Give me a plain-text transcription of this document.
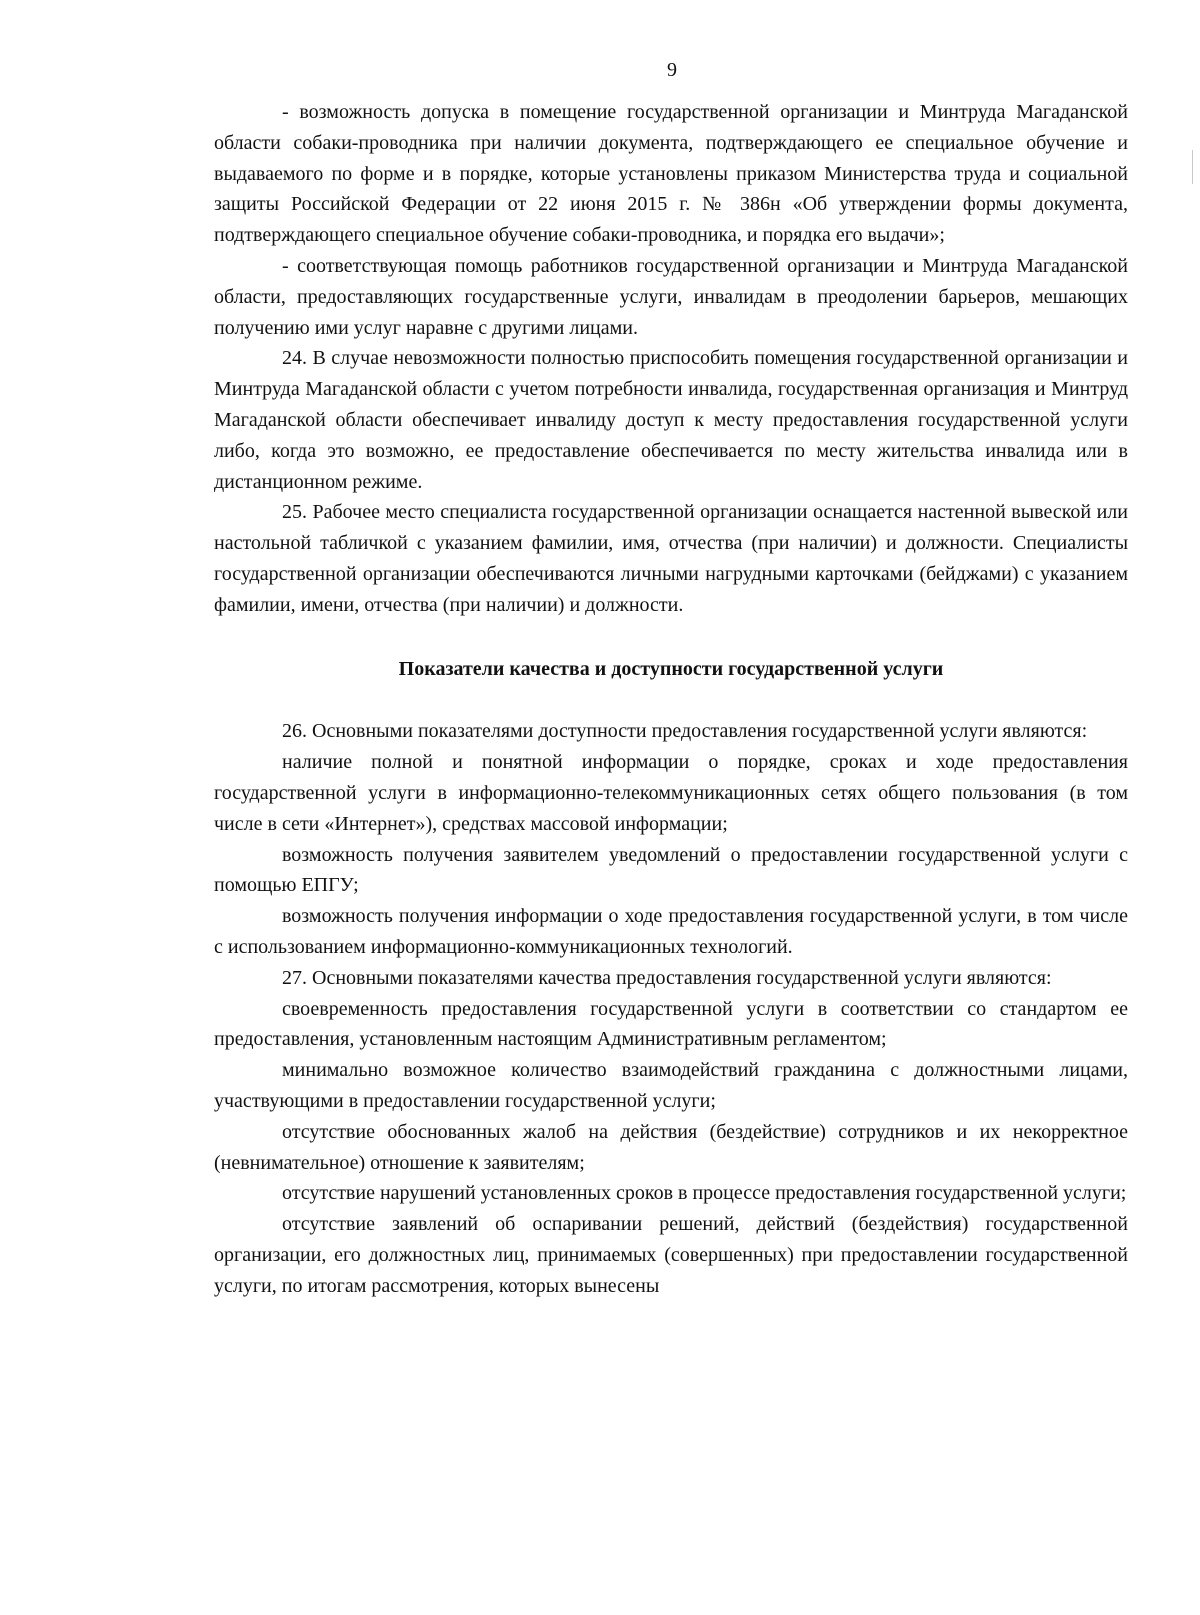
9

- возможность допуска в помещение государственной организации и Минтруда Магаданской области собаки-проводника при наличии документа, подтверждающего ее специальное обучение и выдаваемого по форме и в порядке, которые установлены приказом Министерства труда и социальной защиты Российской Федерации от 22 июня 2015 г. № 386н «Об утверждении формы документа, подтверждающего специальное обучение собаки-проводника, и порядка его выдачи»;

- соответствующая помощь работников государственной организации и Минтруда Магаданской области, предоставляющих государственные услуги, инвалидам в преодолении барьеров, мешающих получению ими услуг наравне с другими лицами.

24. В случае невозможности полностью приспособить помещения государственной организации и Минтруда Магаданской области с учетом потребности инвалида, государственная организация и Минтруд Магаданской области обеспечивает инвалиду доступ к месту предоставления государственной услуги либо, когда это возможно, ее предоставление обеспечивается по месту жительства инвалида или в дистанционном режиме.

25. Рабочее место специалиста государственной организации оснащается настенной вывеской или настольной табличкой с указанием фамилии, имя, отчества (при наличии) и должности. Специалисты государственной организации обеспечиваются личными нагрудными карточками (бейджами) с указанием фамилии, имени, отчества (при наличии) и должности.

Показатели качества и доступности государственной услуги

26. Основными показателями доступности предоставления государственной услуги являются:

наличие полной и понятной информации о порядке, сроках и ходе предоставления государственной услуги в информационно-телекоммуникационных сетях общего пользования (в том числе в сети «Интернет»), средствах массовой информации;

возможность получения заявителем уведомлений о предоставлении государственной услуги с помощью ЕПГУ;

возможность получения информации о ходе предоставления государственной услуги, в том числе с использованием информационно-коммуникационных технологий.

27. Основными показателями качества предоставления государственной услуги являются:

своевременность предоставления государственной услуги в соответствии со стандартом ее предоставления, установленным настоящим Административным регламентом;

минимально возможное количество взаимодействий гражданина с должностными лицами, участвующими в предоставлении государственной услуги;

отсутствие обоснованных жалоб на действия (бездействие) сотрудников и их некорректное (невнимательное) отношение к заявителям;

отсутствие нарушений установленных сроков в процессе предоставления государственной услуги;

отсутствие заявлений об оспаривании решений, действий (бездействия) государственной организации, его должностных лиц, принимаемых (совершенных) при предоставлении государственной услуги, по итогам рассмотрения, которых вынесены
